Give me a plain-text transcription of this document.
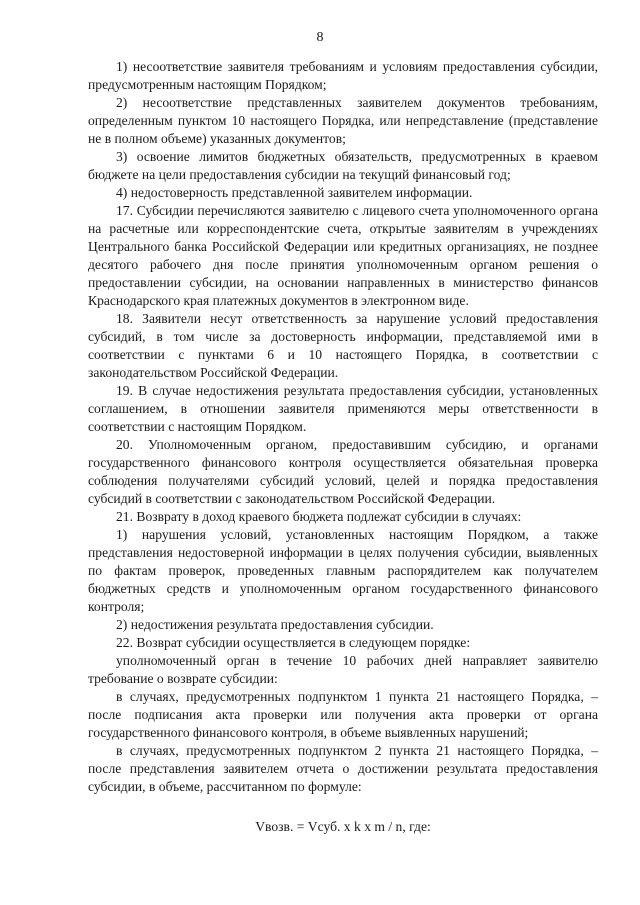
8

1) несоответствие заявителя требованиям и условиям предоставления субсидии, предусмотренным настоящим Порядком;

2) несоответствие представленных заявителем документов требованиям, определенным пунктом 10 настоящего Порядка, или непредставление (представление не в полном объеме) указанных документов;

3) освоение лимитов бюджетных обязательств, предусмотренных в краевом бюджете на цели предоставления субсидии на текущий финансовый год;

4) недостоверность представленной заявителем информации.

17. Субсидии перечисляются заявителю с лицевого счета уполномоченного органа на расчетные или корреспондентские счета, открытые заявителям в учреждениях Центрального банка Российской Федерации или кредитных организациях, не позднее десятого рабочего дня после принятия уполномоченным органом решения о предоставлении субсидии, на основании направленных в министерство финансов Краснодарского края платежных документов в электронном виде.

18. Заявители несут ответственность за нарушение условий предоставления субсидий, в том числе за достоверность информации, представляемой ими в соответствии с пунктами 6 и 10 настоящего Порядка, в соответствии с законодательством Российской Федерации.

19. В случае недостижения результата предоставления субсидии, установленных соглашением, в отношении заявителя применяются меры ответственности в соответствии с настоящим Порядком.

20. Уполномоченным органом, предоставившим субсидию, и органами государственного финансового контроля осуществляется обязательная проверка соблюдения получателями субсидий условий, целей и порядка предоставления субсидий в соответствии с законодательством Российской Федерации.

21. Возврату в доход краевого бюджета подлежат субсидии в случаях:

1) нарушения условий, установленных настоящим Порядком, а также представления недостоверной информации в целях получения субсидии, выявленных по фактам проверок, проведенных главным распорядителем как получателем бюджетных средств и уполномоченным органом государственного финансового контроля;

2) недостижения результата предоставления субсидии.

22. Возврат субсидии осуществляется в следующем порядке:

уполномоченный орган в течение 10 рабочих дней направляет заявителю требование о возврате субсидии:

в случаях, предусмотренных подпунктом 1 пункта 21 настоящего Порядка, – после подписания акта проверки или получения акта проверки от органа государственного финансового контроля, в объеме выявленных нарушений;

в случаях, предусмотренных подпунктом 2 пункта 21 настоящего Порядка, – после представления заявителем отчета о достижении результата предоставления субсидии, в объеме, рассчитанном по формуле:

Vвозв. = Vсуб. x k x m / n, где:
